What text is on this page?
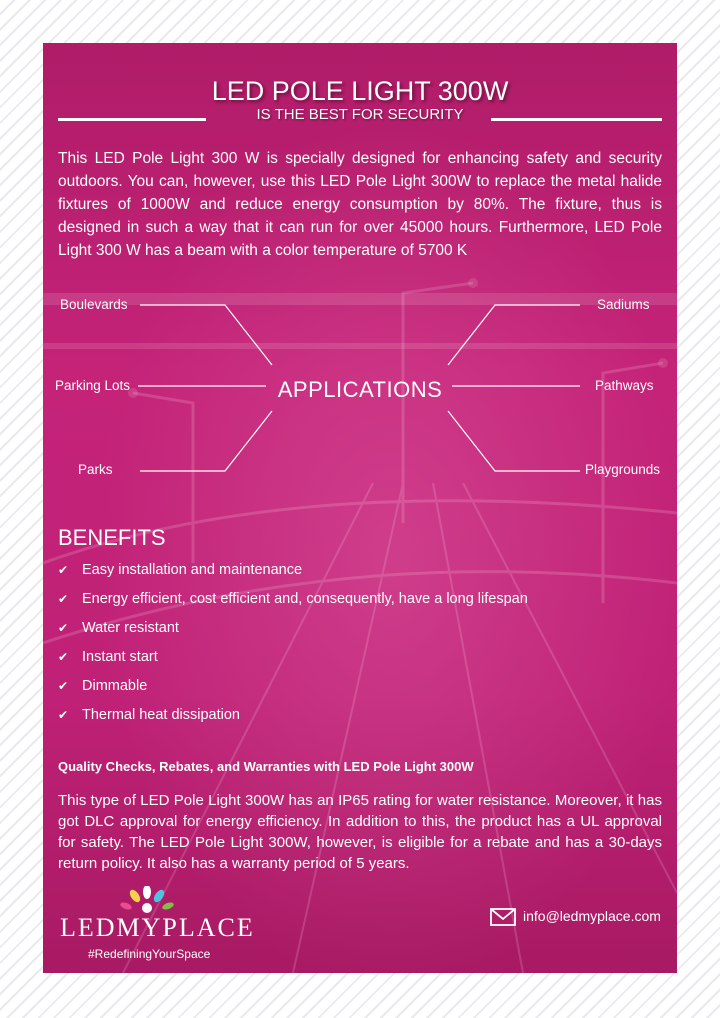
LED POLE LIGHT 300W
IS THE BEST FOR SECURITY
This LED Pole Light 300 W is specially designed for enhancing safety and security outdoors. You can, however, use this LED Pole Light 300W to replace the metal halide fixtures of 1000W and reduce energy consumption by 80%. The fixture, thus is designed in such a way that it can run for over 45000 hours. Furthermore, LED Pole Light 300 W has a beam with a color temperature of 5700 K
Boulevards	Sadiums
Parking Lots	Pathways
APPLICATIONS
Parks	Playgrounds
BENEFITS
✔ Easy installation and maintenance
✔ Energy efficient, cost efficient and, consequently, have a long lifespan
✔ Water resistant
✔ Instant start
✔ Dimmable
✔ Thermal heat dissipation
Quality Checks, Rebates, and Warranties with LED Pole Light 300W
This type of LED Pole Light 300W has an IP65 rating for water resistance. Moreover, it has got DLC approval for energy efficiency. In addition to this, the product has a UL approval for safety. The LED Pole Light 300W, however, is eligible for a rebate and has a 30-days return policy. It also has a warranty period of 5 years.
LEDMYPLACE
#RedefiningYourSpace
info@ledmyplace.com
